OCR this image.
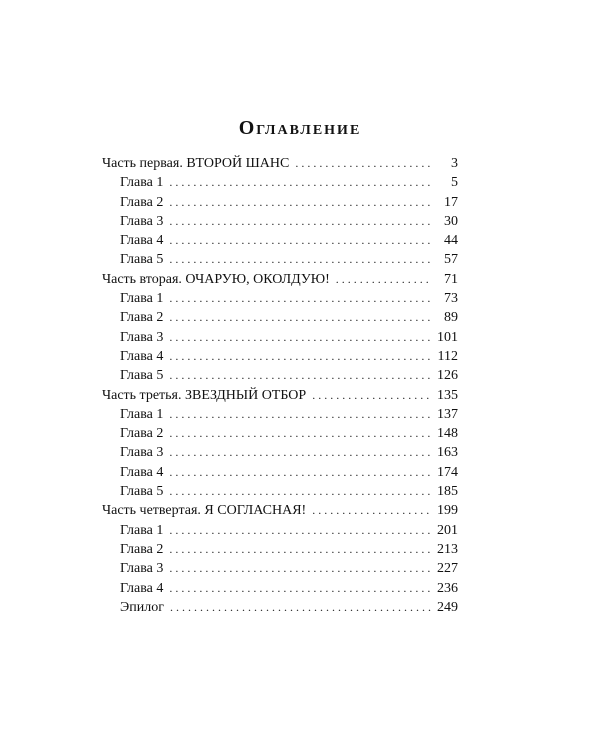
Оглавление
Часть первая. ВТОРОЙ ШАНС . . .	3
Глава 1 . . .	5
Глава 2 . . .	17
Глава 3 . . .	30
Глава 4 . . .	44
Глава 5 . . .	57
Часть вторая. ОЧАРУЮ, ОКОЛДУЮ! . . .	71
Глава 1 . . .	73
Глава 2 . . .	89
Глава 3 . . .	101
Глава 4 . . .	112
Глава 5 . . .	126
Часть третья. ЗВЕЗДНЫЙ ОТБОР . . .	135
Глава 1 . . .	137
Глава 2 . . .	148
Глава 3 . . .	163
Глава 4 . . .	174
Глава 5 . . .	185
Часть четвертая. Я СОГЛАСНАЯ! . . .	199
Глава 1 . . .	201
Глава 2 . . .	213
Глава 3 . . .	227
Глава 4 . . .	236
Эпилог . . .	249
